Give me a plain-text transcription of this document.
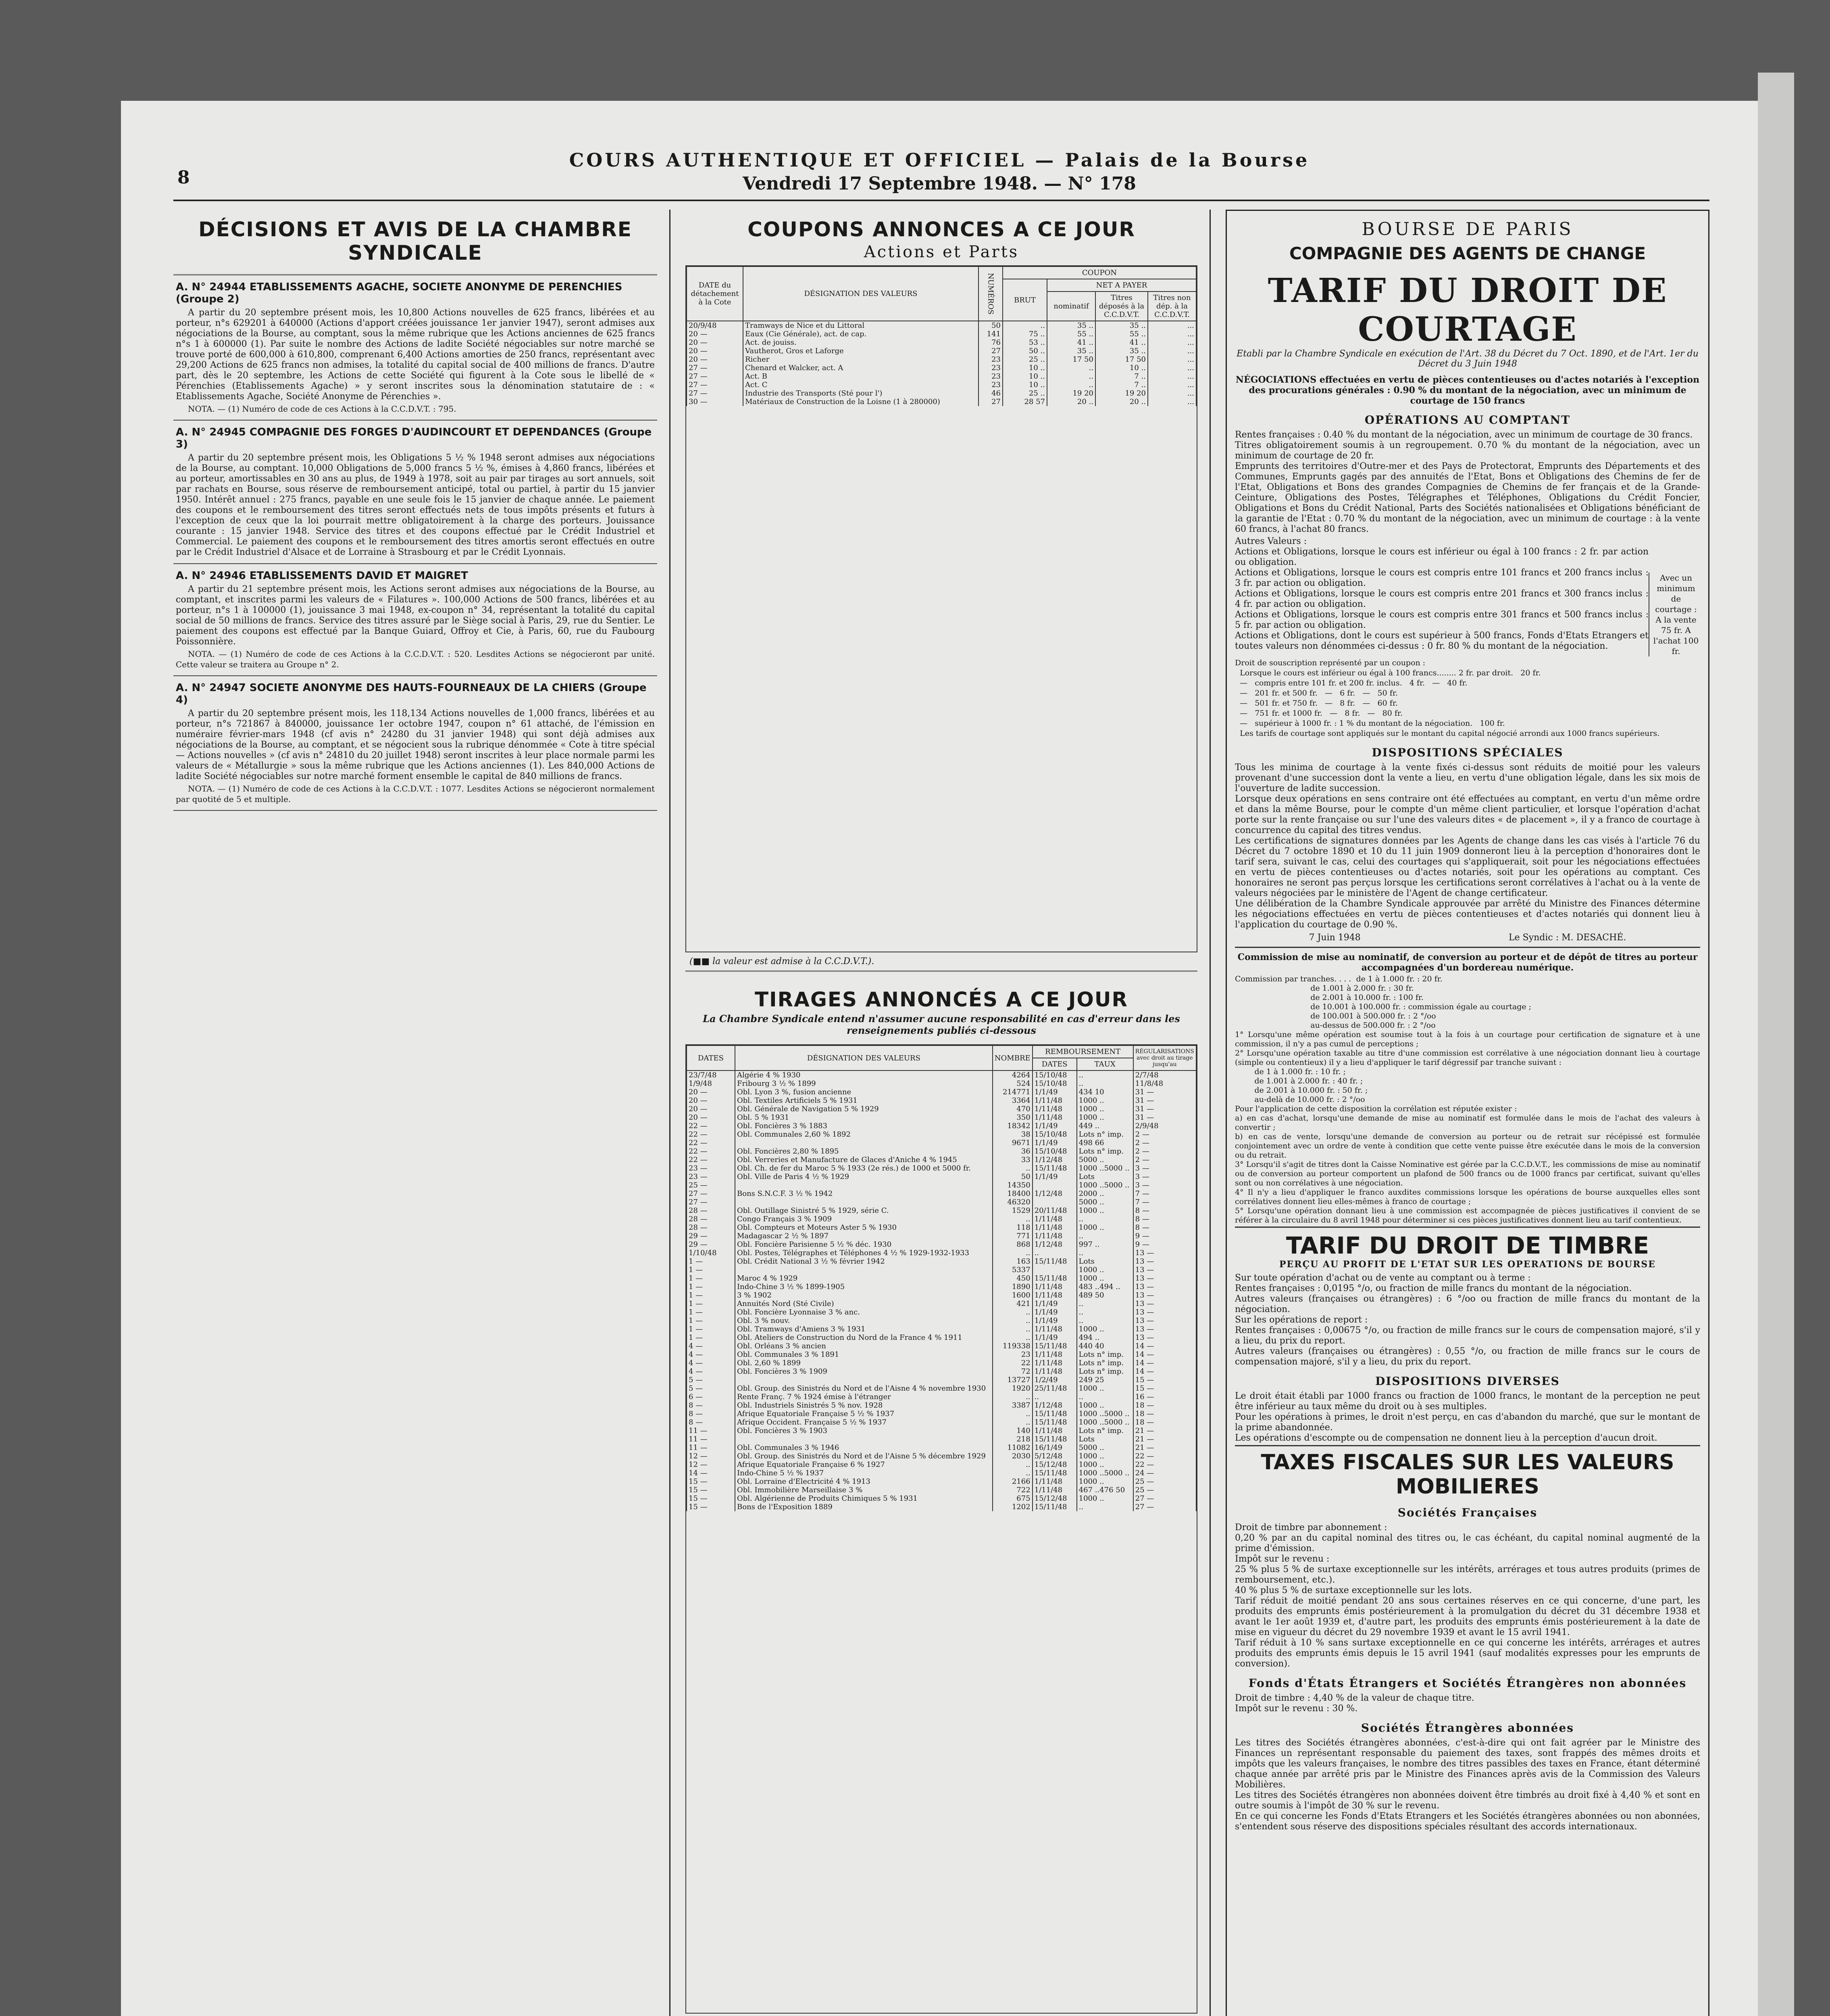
8
COURS AUTHENTIQUE ET OFFICIEL — Palais de la Bourse
Vendredi 17 Septembre 1948. — N° 178
DÉCISIONS ET AVIS DE LA CHAMBRE SYNDICALE
A. N° 24944 ETABLISSEMENTS AGACHE, SOCIETE ANONYME DE PERENCHIES (Groupe 2)

A partir du 20 septembre présent mois, les 10,800 Actions nouvelles de 625 francs, libérées et au porteur, n°s 629201 à 640000 (Actions d'apport créées jouissance 1er janvier 1947), seront admises aux négociations de la Bourse, au comptant, sous la même rubrique que les Actions anciennes de 625 francs n°s 1 à 600000 (1). Par suite le nombre des Actions de ladite Société négociables sur notre marché se trouve porté de 600,000 à 610,800, comprenant 6,400 Actions amorties de 250 francs, représentant avec 29,200 Actions de 625 francs non admises, la totalité du capital social de 400 millions de francs. D'autre part, dès le 20 septembre, les Actions de cette Société qui figurent à la Cote sous le libellé de « Pérenchies (Etablissements Agache) » y seront inscrites sous la dénomination statutaire de : « Etablissements Agache, Société Anonyme de Pérenchies ».

NOTA. — (1) Numéro de code de ces Actions à la C.C.D.V.T. : 795.

A. N° 24945 COMPAGNIE DES FORGES D'AUDINCOURT ET DEPENDANCES (Groupe 3)

A partir du 20 septembre présent mois, les Obligations 5 ½ % 1948 seront admises aux négociations de la Bourse, au comptant. 10,000 Obligations de 5,000 francs 5 ½ %, émises à 4,860 francs, libérées et au porteur, amortissables en 30 ans au plus, de 1949 à 1978, soit au pair par tirages au sort annuels, soit par rachats en Bourse, sous réserve de remboursement anticipé, total ou partiel, à partir du 15 janvier 1950. Intérêt annuel : 275 francs, payable en une seule fois le 15 janvier de chaque année. Le paiement des coupons et le remboursement des titres seront effectués nets de tous impôts présents et futurs à l'exception de ceux que la loi pourrait mettre obligatoirement à la charge des porteurs. Jouissance courante : 15 janvier 1948. Service des titres et des coupons effectué par le Crédit Industriel et Commercial. Le paiement des coupons et le remboursement des titres amortis seront effectués en outre par le Crédit Industriel d'Alsace et de Lorraine à Strasbourg et par le Crédit Lyonnais.

A. N° 24946 ETABLISSEMENTS DAVID ET MAIGRET

A partir du 21 septembre présent mois, les Actions seront admises aux négociations de la Bourse, au comptant, et inscrites parmi les valeurs de « Filatures ». 100,000 Actions de 500 francs, libérées et au porteur, n°s 1 à 100000 (1), jouissance 3 mai 1948, ex-coupon n° 34, représentant la totalité du capital social de 50 millions de francs. Service des titres assuré par le Siège social à Paris, 29, rue du Sentier. Le paiement des coupons est effectué par la Banque Guiard, Offroy et Cie, à Paris, 60, rue du Faubourg Poissonnière.

NOTA. — (1) Numéro de code de ces Actions à la C.C.D.V.T. : 520. Lesdites Actions se négocieront par unité. Cette valeur se traitera au Groupe n° 2.

A. N° 24947 SOCIETE ANONYME DES HAUTS-FOURNEAUX DE LA CHIERS (Groupe 4)

A partir du 20 septembre présent mois, les 118,134 Actions nouvelles de 1,000 francs, libérées et au porteur, n°s 721867 à 840000, jouissance 1er octobre 1947, coupon n° 61 attaché, de l'émission en numéraire février-mars 1948 (cf avis n° 24280 du 31 janvier 1948) qui sont déjà admises aux négociations de la Bourse, au comptant, et se négocient sous la rubrique dénommée « Cote à titre spécial — Actions nouvelles » (cf avis n° 24810 du 20 juillet 1948) seront inscrites à leur place normale parmi les valeurs de « Métallurgie » sous la même rubrique que les Actions anciennes (1). Les 840,000 Actions de ladite Société négociables sur notre marché forment ensemble le capital de 840 millions de francs.

NOTA. — (1) Numéro de code de ces Actions à la C.C.D.V.T. : 1077. Lesdites Actions se négocieront normalement par quotité de 5 et multiple.

COUPONS ANNONCES A CE JOUR
Actions et Parts
DATE du détachement à la Cote	DÉSIGNATION DES VALEURS	NUMÉROS	COUPON			
			BRUT	NET A PAYER		
				nominatif	Titres déposés à la C.C.D.V.T.	Titres non dép. à la C.C.D.V.T.
20/9/48	Tramways de Nice et du Littoral	50	..	35 ..	35 ..	...
20 —	Eaux (Cie Générale), act. de cap.	141	75 ..	55 ..	55 ..	...
20 —	Act. de jouiss.	76	53 ..	41 ..	41 ..	...
20 —	Vautherot, Gros et Laforge	27	50 ..	35 ..	35 ..	...
20 —	Richer	23	25 ..	17 50	17 50	...
27 —	Chenard et Walcker, act. A	23	10 ..	..	10 ..	...
27 —	Act. B	23	10 ..	..	7 ..	...
27 —	Act. C	23	10 ..	..	7 ..	...
27 —	Industrie des Transports (Sté pour l')	46	25 ..	19 20	19 20	...
30 —	Matériaux de Construction de la Loisne (1 à 280000)	27	28 57	20 ..	20 ..	...
(■■ la valeur est admise à la C.C.D.V.T.).
TIRAGES ANNONCÉS A CE JOUR
La Chambre Syndicale entend n'assumer aucune responsabilité en cas d'erreur dans les renseignements publiés ci-dessous
DATES	DÉSIGNATION DES VALEURS	NOMBRE	REMBOURSEMENT		RÉGULARISATIONS avec droit au tirage jusqu'au
			DATES	TAUX	
23/7/48	Algérie 4 % 1930	4264	15/10/48	..	2/7/48
1/9/48	Fribourg 3 ½ % 1899	524	15/10/48	..	11/8/48
20 —	Obl. Lyon 3 %, fusion ancienne	214771	1/1/49	434 10	31 —
20 —	Obl. Textiles Artificiels 5 % 1931	3364	1/11/48	1000 ..	31 —
20 —	Obl. Générale de Navigation 5 % 1929	470	1/11/48	1000 ..	31 —
20 —	Obl. 5 % 1931	350	1/11/48	1000 ..	31 —
22 —	Obl. Foncières 3 % 1883	18342	1/1/49	449 ..	2/9/48
22 —	Obl. Communales 2,60 % 1892	38	15/10/48	Lots n° imp.	2 —
22 —		9671	1/1/49	498 66	2 —
22 —	Obl. Foncières 2,80 % 1895	36	15/10/48	Lots n° imp.	2 —
22 —	Obl. Verreries et Manufacture de Glaces d'Aniche 4 % 1945	33	1/12/48	5000 ..	2 —
23 —	Obl. Ch. de fer du Maroc 5 % 1933 (2e rés.) de 1000 et 5000 fr.	..	15/11/48	1000 ..5000 ..	3 —
23 —	Obl. Ville de Paris 4 ½ % 1929	50	1/1/49	Lots	3 —
25 —		14350		1000 ..5000 ..	3 —
27 —	Bons S.N.C.F. 3 ½ % 1942	18400	1/12/48	2000 ..	7 —
27 —		46320		5000 ..	7 —
28 —	Obl. Outillage Sinistré 5 % 1929, série C.	1529	20/11/48	1000 ..	8 —
28 —	Congo Français 3 % 1909	..	1/11/48	..	8 —
28 —	Obl. Compteurs et Moteurs Aster 5 % 1930	118	1/11/48	1000 ..	8 —
29 —	Madagascar 2 ½ % 1897	771	1/11/48	..	9 —
29 —	Obl. Foncière Parisienne 5 ½ % déc. 1930	868	1/12/48	997 ..	9 —
1/10/48	Obl. Postes, Télégraphes et Téléphones 4 ½ % 1929-1932-1933	..	..	..	13 —
1 —	Obl. Crédit National 3 ½ % février 1942	163	15/11/48	Lots	13 —
1 —		5337		1000 ..	13 —
1 —	Maroc 4 % 1929	450	15/11/48	1000 ..	13 —
1 —	Indo-Chine 3 ½ % 1899-1905	1890	1/11/48	483 ..494 ..	13 —
1 —	3 % 1902	1600	1/11/48	489 50	13 —
1 —	Annuités Nord (Sté Civile)	421	1/1/49	..	13 —
1 —	Obl. Foncière Lyonnaise 3 % anc.	..	1/1/49	..	13 —
1 —	Obl. 3 % nouv.	..	1/1/49	..	13 —
1 —	Obl. Tramways d'Amiens 3 % 1931	..	1/11/48	1000 ..	13 —
1 —	Obl. Ateliers de Construction du Nord de la France 4 % 1911	..	1/1/49	494 ..	13 —
4 —	Obl. Orléans 3 % ancien	119338	15/11/48	440 40	14 —
4 —	Obl. Communales 3 % 1891	23	1/11/48	Lots n° imp.	14 —
4 —	Obl. 2,60 % 1899	22	1/11/48	Lots n° imp.	14 —
4 —	Obl. Foncières 3 % 1909	72	1/11/48	Lots n° imp.	14 —
5 —		13727	1/2/49	249 25	15 —
5 —	Obl. Group. des Sinistrés du Nord et de l'Aisne 4 % novembre 1930	1920	25/11/48	1000 ..	15 —
6 —	Rente Franç. 7 % 1924 émise à l'étranger	..	..	..	16 —
8 —	Obl. Industriels Sinistrés 5 % nov. 1928	3387	1/12/48	1000 ..	18 —
8 —	Afrique Equatoriale Française 5 ½ % 1937	..	15/11/48	1000 ..5000 ..	18 —
8 —	Afrique Occident. Française 5 ½ % 1937	..	15/11/48	1000 ..5000 ..	18 —
11 —	Obl. Foncières 3 % 1903	140	1/11/48	Lots n° imp.	21 —
11 —		218	15/11/48	Lots	21 —
11 —	Obl. Communales 3 % 1946	11082	16/1/49	5000 ..	21 —
12 —	Obl. Group. des Sinistrés du Nord et de l'Aisne 5 % décembre 1929	2030	5/12/48	1000 ..	22 —
12 —	Afrique Equatoriale Française 6 % 1927	..	15/12/48	1000 ..	22 —
14 —	Indo-Chine 5 ½ % 1937	..	15/11/48	1000 ..5000 ..	24 —
15 —	Obl. Lorraine d'Electricité 4 % 1913	2166	1/11/48	1000 ..	25 —
15 —	Obl. Immobilière Marseillaise 3 %	722	1/11/48	467 ..476 50	25 —
15 —	Obl. Algérienne de Produits Chimiques 5 % 1931	675	15/12/48	1000 ..	27 —
15 —	Bons de l'Exposition 1889	1202	15/11/48	..	27 —

BOURSE DE PARIS
COMPAGNIE DES AGENTS DE CHANGE
TARIF DU DROIT DE COURTAGE
Etabli par la Chambre Syndicale en exécution de l'Art. 38 du Décret du 7 Oct. 1890, et de l'Art. 1er du Décret du 3 Juin 1948

NÉGOCIATIONS effectuées en vertu de pièces contentieuses ou d'actes notariés à l'exception des procurations générales : 0.90 % du montant de la négociation, avec un minimum de courtage de 150 francs

OPÉRATIONS AU COMPTANT

Rentes françaises : 0.40 % du montant de la négociation, avec un minimum de courtage de 30 francs.
Titres obligatoirement soumis à un regroupement. 0.70 % du montant de la négociation, avec un minimum de courtage de 20 fr.
Emprunts des territoires d'Outre-mer et des Pays de Protectorat, Emprunts des Départements et des Communes, Emprunts gagés par des annuités de l'Etat, Bons et Obligations des Chemins de fer de l'Etat, Obligations et Bons des grandes Compagnies de Chemins de fer français et de la Grande-Ceinture, Obligations des Postes, Télégraphes et Téléphones, Obligations du Crédit Foncier, Obligations et Bons du Crédit National, Parts des Sociétés nationalisées et Obligations bénéficiant de la garantie de l'Etat : 0.70 % du montant de la négociation, avec un minimum de courtage : à la vente 60 francs, à l'achat 80 francs.

Autres Valeurs :
Actions et Obligations, lorsque le cours est inférieur ou égal à 100 francs : 2 fr. par action ou obligation.
Actions et Obligations, lorsque le cours est compris entre 101 francs et 200 francs inclus : 3 fr. par action ou obligation.
Actions et Obligations, lorsque le cours est compris entre 201 francs et 300 francs inclus : 4 fr. par action ou obligation.
Actions et Obligations, lorsque le cours est compris entre 301 francs et 500 francs inclus : 5 fr. par action ou obligation.
Actions et Obligations, dont le cours est supérieur à 500 francs, Fonds d'Etats Etrangers et toutes valeurs non dénommées ci-dessus : 0 fr. 80 % du montant de la négociation.

Avec un minimum de courtage : A la vente 75 fr. A l'achat 100 fr.

Droit de souscription représenté par un coupon :
Lorsque le cours est inférieur ou égal à 100 francs........ 2 fr. par droit.   20 fr.
—   compris entre 101 fr. et 200 fr. inclus.   4 fr.   —   40 fr.
—   201 fr. et 500 fr.   —   6 fr.   —   50 fr.
—   501 fr. et 750 fr.   —   8 fr.   —   60 fr.
—   751 fr. et 1000 fr.   —   8 fr.   —   80 fr.
—   supérieur à 1000 fr. : 1 % du montant de la négociation.   100 fr.
Les tarifs de courtage sont appliqués sur le montant du capital négocié arrondi aux 1000 francs supérieurs.

DISPOSITIONS SPÉCIALES

Tous les minima de courtage à la vente fixés ci-dessus sont réduits de moitié pour les valeurs provenant d'une succession dont la vente a lieu, en vertu d'une obligation légale, dans les six mois de l'ouverture de ladite succession.
Lorsque deux opérations en sens contraire ont été effectuées au comptant, en vertu d'un même ordre et dans la même Bourse, pour le compte d'un même client particulier, et lorsque l'opération d'achat porte sur la rente française ou sur l'une des valeurs dites « de placement », il y a franco de courtage à concurrence du capital des titres vendus.
Les certifications de signatures données par les Agents de change dans les cas visés à l'article 76 du Décret du 7 octobre 1890 et 10 du 11 juin 1909 donneront lieu à la perception d'honoraires dont le tarif sera, suivant le cas, celui des courtages qui s'appliquerait, soit pour les négociations effectuées en vertu de pièces contentieuses ou d'actes notariés, soit pour les opérations au comptant. Ces honoraires ne seront pas perçus lorsque les certifications seront corrélatives à l'achat ou à la vente de valeurs négociées par le ministère de l'Agent de change certificateur.
Une délibération de la Chambre Syndicale approuvée par arrêté du Ministre des Finances détermine les négociations effectuées en vertu de pièces contentieuses et d'actes notariés qui donnent lieu à l'application du courtage de 0.90 %.

7 Juin 1948	Le Syndic : M. DESACHÉ.

Commission de mise au nominatif, de conversion au porteur et de dépôt de titres au porteur accompagnées d'un bordereau numérique.

Commission par tranches. . . .  de 1 à 1.000 fr. : 20 fr.
de 1.001 à 2.000 fr. : 30 fr.
de 2.001 à 10.000 fr. : 100 fr.
de 10.001 à 100.000 fr. : commission égale au courtage ;
de 100.001 à 500.000 fr. : 2 °/oo
au-dessus de 500.000 fr. : 2 °/oo
1° Lorsqu'une même opération est soumise tout à la fois à un courtage pour certification de signature et à une commission, il n'y a pas cumul de perceptions ;
2° Lorsqu'une opération taxable au titre d'une commission est corrélative à une négociation donnant lieu à courtage (simple ou contentieux) il y a lieu d'appliquer le tarif dégressif par tranche suivant :
de 1 à 1.000 fr. : 10 fr. ;
de 1.001 à 2.000 fr. : 40 fr. ;
de 2.001 à 10.000 fr. : 50 fr. ;
au-delà de 10.000 fr. : 2 °/oo
Pour l'application de cette disposition la corrélation est réputée exister :
a) en cas d'achat, lorsqu'une demande de mise au nominatif est formulée dans le mois de l'achat des valeurs à convertir ;
b) en cas de vente, lorsqu'une demande de conversion au porteur ou de retrait sur récépissé est formulée conjointement avec un ordre de vente à condition que cette vente puisse être exécutée dans le mois de la conversion ou du retrait.
3° Lorsqu'il s'agit de titres dont la Caisse Nominative est gérée par la C.C.D.V.T., les commissions de mise au nominatif ou de conversion au porteur comportent un plafond de 500 francs ou de 1000 francs par certificat, suivant qu'elles sont ou non corrélatives à une négociation.
4° Il n'y a lieu d'appliquer le franco auxdites commissions lorsque les opérations de bourse auxquelles elles sont corrélatives donnent lieu elles-mêmes à franco de courtage ;
5° Lorsqu'une opération donnant lieu à une commission est accompagnée de pièces justificatives il convient de se référer à la circulaire du 8 avril 1948 pour déterminer si ces pièces justificatives donnent lieu au tarif contentieux.

TARIF DU DROIT DE TIMBRE
PERÇU AU PROFIT DE L'ETAT SUR LES OPERATIONS DE BOURSE

Sur toute opération d'achat ou de vente au comptant ou à terme :
Rentes françaises : 0,0195 °/o, ou fraction de mille francs du montant de la négociation.
Autres valeurs (françaises ou étrangères) : 6 °/oo ou fraction de mille francs du montant de la négociation.
Sur les opérations de report :
Rentes françaises : 0,00675 °/o, ou fraction de mille francs sur le cours de compensation majoré, s'il y a lieu, du prix du report.
Autres valeurs (françaises ou étrangères) : 0,55 °/o, ou fraction de mille francs sur le cours de compensation majoré, s'il y a lieu, du prix du report.

DISPOSITIONS DIVERSES

Le droit était établi par 1000 francs ou fraction de 1000 francs, le montant de la perception ne peut être inférieur au taux même du droit ou à ses multiples.
Pour les opérations à primes, le droit n'est perçu, en cas d'abandon du marché, que sur le montant de la prime abandonnée.
Les opérations d'escompte ou de compensation ne donnent lieu à la perception d'aucun droit.

TAXES FISCALES SUR LES VALEURS MOBILIERES
Sociétés Françaises

Droit de timbre par abonnement :
0,20 % par an du capital nominal des titres ou, le cas échéant, du capital nominal augmenté de la prime d'émission.
Impôt sur le revenu :
25 % plus 5 % de surtaxe exceptionnelle sur les intérêts, arrérages et tous autres produits (primes de remboursement, etc.).
40 % plus 5 % de surtaxe exceptionnelle sur les lots.
Tarif réduit de moitié pendant 20 ans sous certaines réserves en ce qui concerne, d'une part, les produits des emprunts émis postérieurement à la promulgation du décret du 31 décembre 1938 et avant le 1er août 1939 et, d'autre part, les produits des emprunts émis postérieurement à la date de mise en vigueur du décret du 29 novembre 1939 et avant le 15 avril 1941.
Tarif réduit à 10 % sans surtaxe exceptionnelle en ce qui concerne les intérêts, arrérages et autres produits des emprunts émis depuis le 15 avril 1941 (sauf modalités expresses pour les emprunts de conversion).

Fonds d'États Étrangers et Sociétés Étrangères non abonnées

Droit de timbre : 4,40 % de la valeur de chaque titre.
Impôt sur le revenu : 30 %.

Sociétés Étrangères abonnées

Les titres des Sociétés étrangères abonnées, c'est-à-dire qui ont fait agréer par le Ministre des Finances un représentant responsable du paiement des taxes, sont frappés des mêmes droits et impôts que les valeurs françaises, le nombre des titres passibles des taxes en France, étant déterminé chaque année par arrêté pris par le Ministre des Finances après avis de la Commission des Valeurs Mobilières.
Les titres des Sociétés étrangères non abonnées doivent être timbrés au droit fixé à 4,40 % et sont en outre soumis à l'impôt de 30 % sur le revenu.
En ce qui concerne les Fonds d'Etats Etrangers et les Sociétés étrangères abonnées ou non abonnées, s'entendent sous réserve des dispositions spéciales résultant des accords internationaux.
